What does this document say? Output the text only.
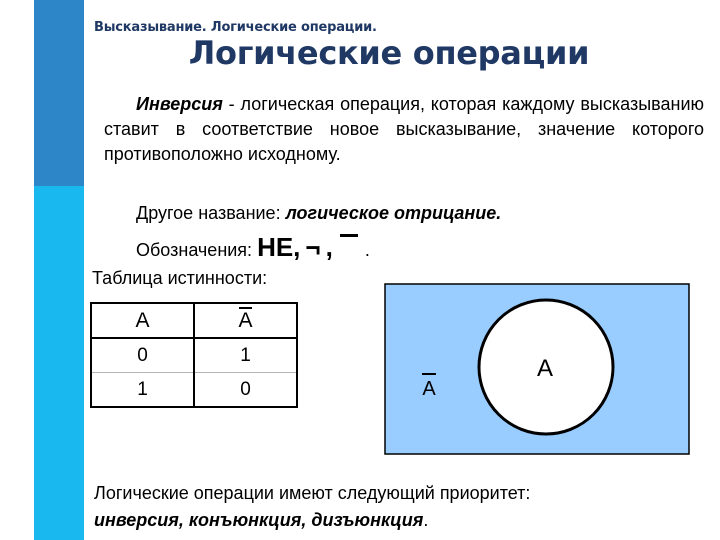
Высказывание. Логические операции.
Логические операции
Инверсия - логическая операция, которая каждому высказыванию ставит в соответствие новое высказывание, значение которого противоположно исходному.
Другое название: логическое отрицание.
Обозначения: НЕ, ¬ , .
Таблица истинности:
А	А
0	1
1	0
А
А
Логические операции имеют следующий приоритет:
инверсия, конъюнкция, дизъюнкция.
